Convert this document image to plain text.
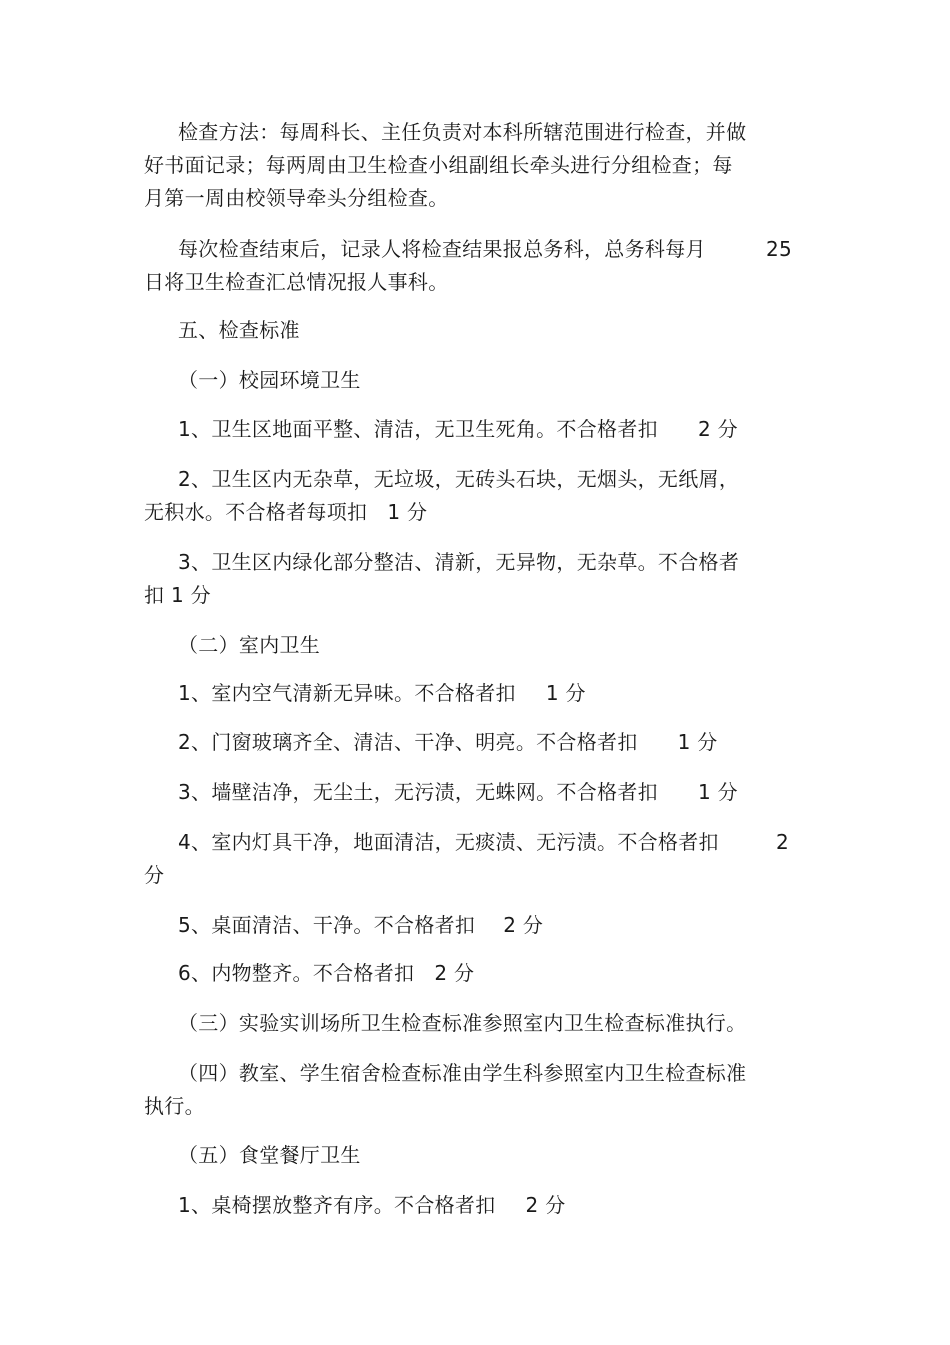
检查方法：每周科长、主任负责对本科所辖范围进行检查，并做

好书面记录；每两周由卫生检查小组副组长牵头进行分组检查；每

月第一周由校领导牵头分组检查。

每次检查结束后，记录人将检查结果报总务科，总务科每月	25

日将卫生检查汇总情况报人事科。

五、检查标准

（一）校园环境卫生

1、卫生区地面平整、清洁，无卫生死角。不合格者扣 2 分

2、卫生区内无杂草，无垃圾，无砖头石块，无烟头，无纸屑，

无积水。不合格者每项扣 1 分

3、卫生区内绿化部分整洁、清新，无异物，无杂草。不合格者

扣 1 分

（二）室内卫生

1、室内空气清新无异味。不合格者扣 1 分

2、门窗玻璃齐全、清洁、干净、明亮。不合格者扣 1 分

3、墙壁洁净，无尘土，无污渍，无蛛网。不合格者扣 1 分

4、室内灯具干净，地面清洁，无痰渍、无污渍。不合格者扣	2

分

5、桌面清洁、干净。不合格者扣 2 分

6、内物整齐。不合格者扣 2 分

（三）实验实训场所卫生检查标准参照室内卫生检查标准执行。

（四）教室、学生宿舍检查标准由学生科参照室内卫生检查标准

执行。

（五）食堂餐厅卫生

1、桌椅摆放整齐有序。不合格者扣 2 分
